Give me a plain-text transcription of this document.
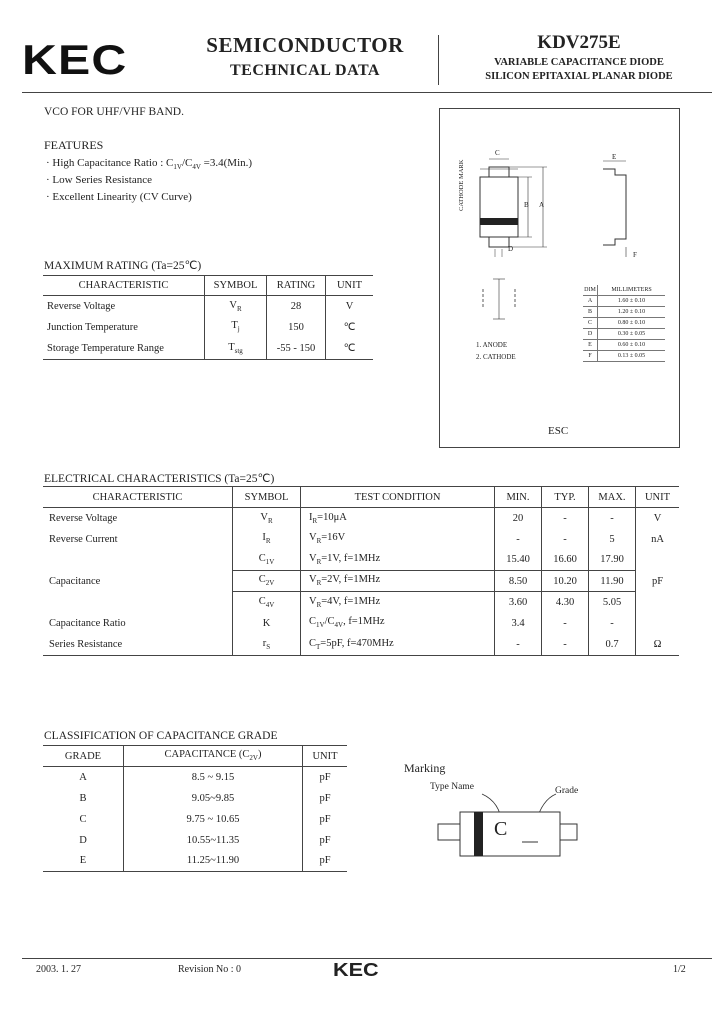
KEC	SEMICONDUCTOR
TECHNICAL DATA
KDV275E
VARIABLE CAPACITANCE DIODE
SILICON EPITAXIAL PLANAR DIODE
VCO FOR UHF/VHF BAND.
FEATURES
· High Capacitance Ratio : $C_{1V}/C_{4V} =3.4(Min.)$
· Low Series Resistance
· Excellent Linearity (CV Curve)
MAXIMUM RATING (Ta=25℃)
CHARACTERISTIC	SYMBOL	RATING	UNIT
Reverse Voltage	$V_R$	28	V
Junction Temperature	$T_j$	150	℃
Storage Temperature Range	$T_{stg}$	-55 - 150	℃
CATHODE MARK
C
B A
D
E
F
DIM	MILLIMETERS
A	1.60 ± 0.10
B	1.20 ± 0.10
C	0.80 ± 0.10
D	0.30 ± 0.05
E	0.60 ± 0.10
F	0.13 ± 0.05
1. ANODE
2. CATHODE
ESC
ELECTRICAL CHARACTERISTICS (Ta=25℃)
CHARACTERISTIC	SYMBOL	TEST CONDITION	MIN.	TYP.	MAX.	UNIT
Reverse Voltage	$V_R$	$I_R=10\mu A$	20	-	-	V
Reverse Current	$I_R$	$V_R=16V$	-	-	5	nA
Capacitance	$C_{1V}$	$V_R=1V$, f=1MHz	15.40	16.60	17.90	pF
	$C_{2V}$	$V_R=2V$, f=1MHz	8.50	10.20	11.90	
	$C_{4V}$	$V_R=4V$, f=1MHz	3.60	4.30	5.05	
Capacitance Ratio	K	$C_{1V}/C_{4V}$, f=1MHz	3.4	-	-	
Series Resistance	$r_S$	$C_T=5pF$, f=470MHz	-	-	0.7	Ω
CLASSIFICATION OF CAPACITANCE GRADE
GRADE	CAPACITANCE $(C_{2V})$	UNIT
A	8.5 ~ 9.15	pF
B	9.05~9.85	pF
C	9.75 ~ 10.65	pF
D	10.55~11.35	pF
E	11.25~11.90	pF
Marking
Type Name	Grade
C
2003. 1. 27	Revision No : 0	KEC	1/2
